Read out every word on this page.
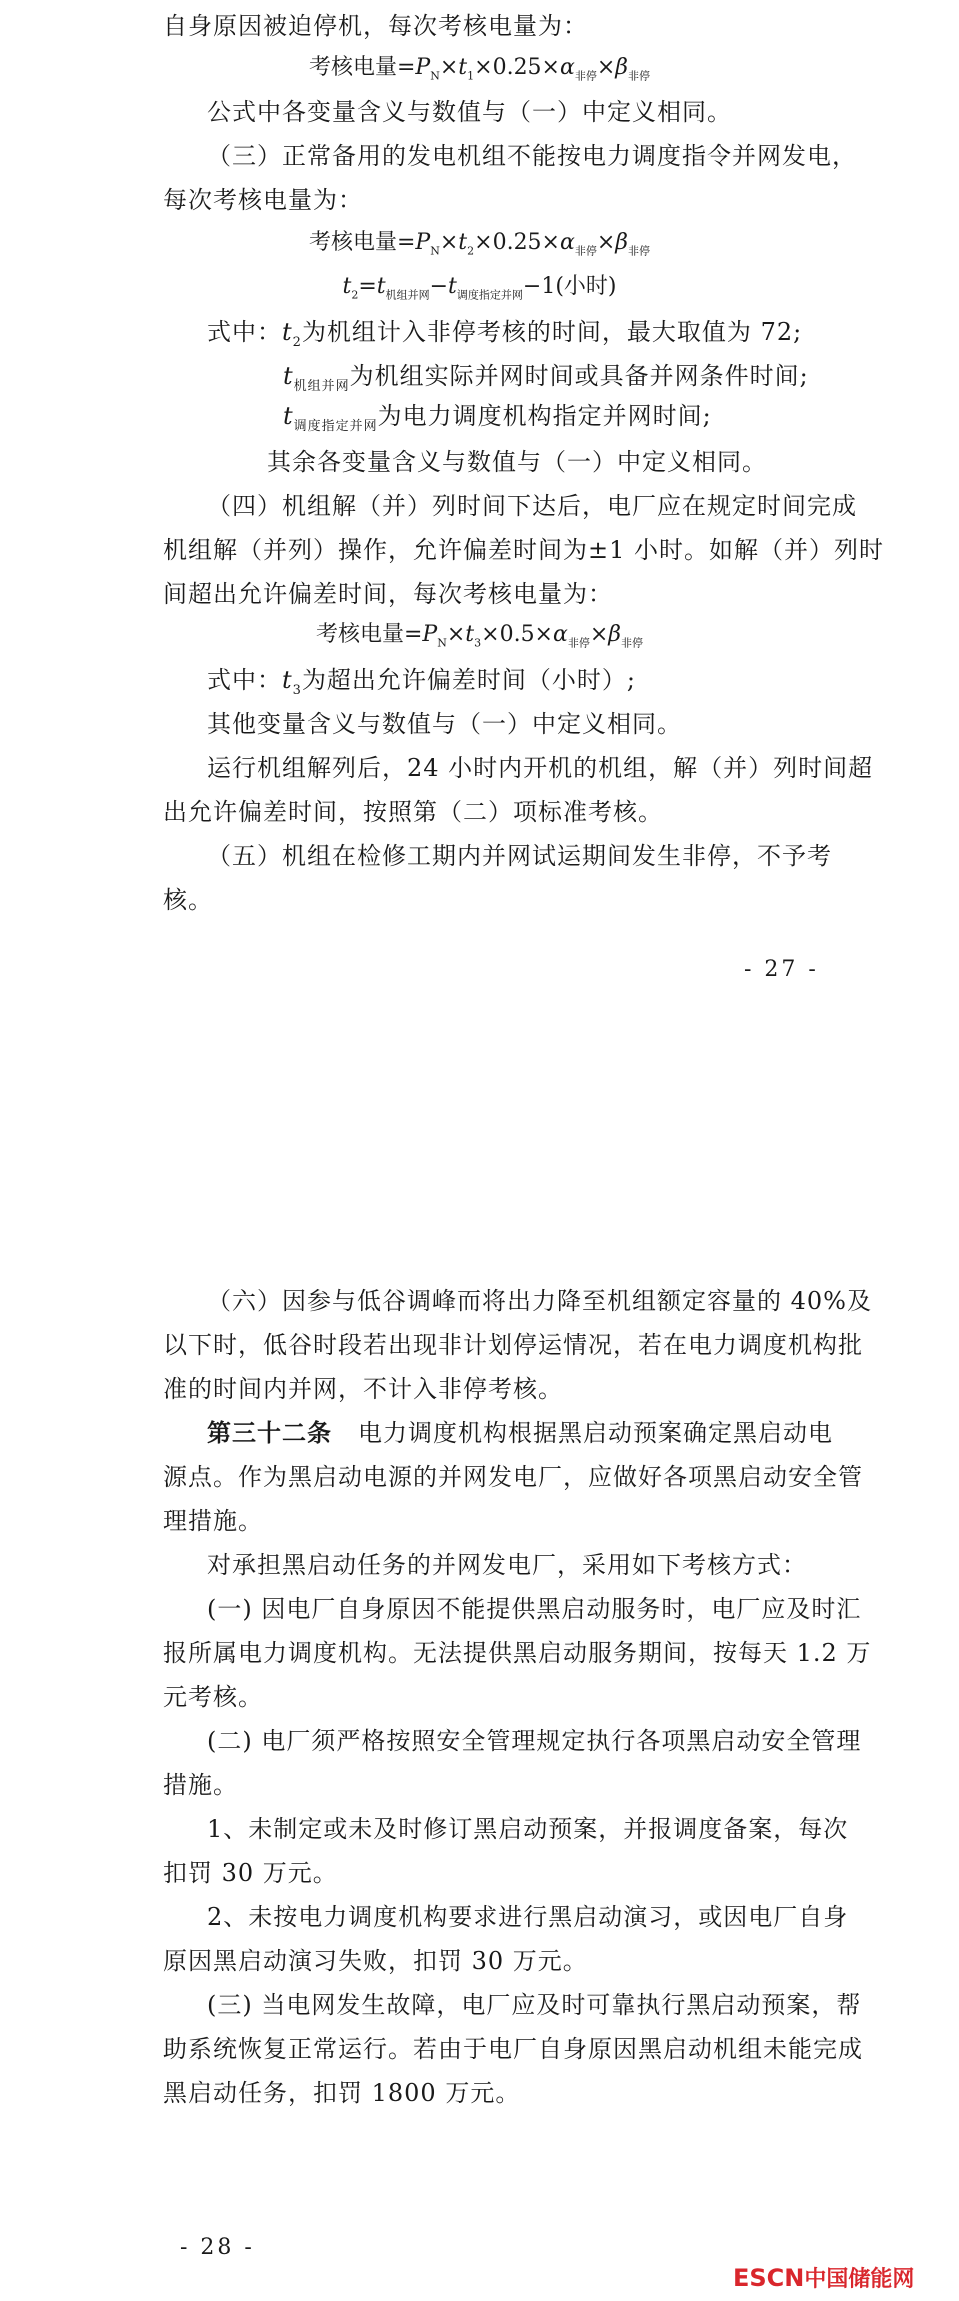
自身原因被迫停机，每次考核电量为：
考核电量$=P_N\times t_1\times 0.25\times\alpha_{非停}\times\beta_{非停}$
公式中各变量含义与数值与（一）中定义相同。
（三）正常备用的发电机组不能按电力调度指令并网发电，
每次考核电量为：
考核电量$=P_N\times t_2\times 0.25\times\alpha_{非停}\times\beta_{非停}$
$t_2=t_{机组并网}-t_{调度指定并网}-1$(小时)
式中：$t_2$为机组计入非停考核的时间，最大取值为 72;
$t_{机组并网}$为机组实际并网时间或具备并网条件时间;
$t_{调度指定并网}$为电力调度机构指定并网时间;
其余各变量含义与数值与（一）中定义相同。
（四）机组解（并）列时间下达后，电厂应在规定时间完成
机组解（并列）操作，允许偏差时间为±1 小时。如解（并）列时
间超出允许偏差时间，每次考核电量为：
考核电量$=P_N\times t_3\times 0.5\times\alpha_{非停}\times\beta_{非停}$
式中：$t_3$为超出允许偏差时间（小时）;
其他变量含义与数值与（一）中定义相同。
运行机组解列后，24 小时内开机的机组，解（并）列时间超
出允许偏差时间，按照第（二）项标准考核。
（五）机组在检修工期内并网试运期间发生非停，不予考
核。
- 27 -
（六）因参与低谷调峰而将出力降至机组额定容量的 40%及
以下时，低谷时段若出现非计划停运情况，若在电力调度机构批
准的时间内并网，不计入非停考核。
第三十二条 电力调度机构根据黑启动预案确定黑启动电
源点。作为黑启动电源的并网发电厂，应做好各项黑启动安全管
理措施。
对承担黑启动任务的并网发电厂，采用如下考核方式：
(一) 因电厂自身原因不能提供黑启动服务时，电厂应及时汇
报所属电力调度机构。无法提供黑启动服务期间，按每天 1.2 万
元考核。
(二) 电厂须严格按照安全管理规定执行各项黑启动安全管理
措施。
1、未制定或未及时修订黑启动预案，并报调度备案，每次
扣罚 30 万元。
2、未按电力调度机构要求进行黑启动演习，或因电厂自身
原因黑启动演习失败，扣罚 30 万元。
(三) 当电网发生故障，电厂应及时可靠执行黑启动预案，帮
助系统恢复正常运行。若由于电厂自身原因黑启动机组未能完成
黑启动任务，扣罚 1800 万元。
- 28 -
ESCN中国储能网
